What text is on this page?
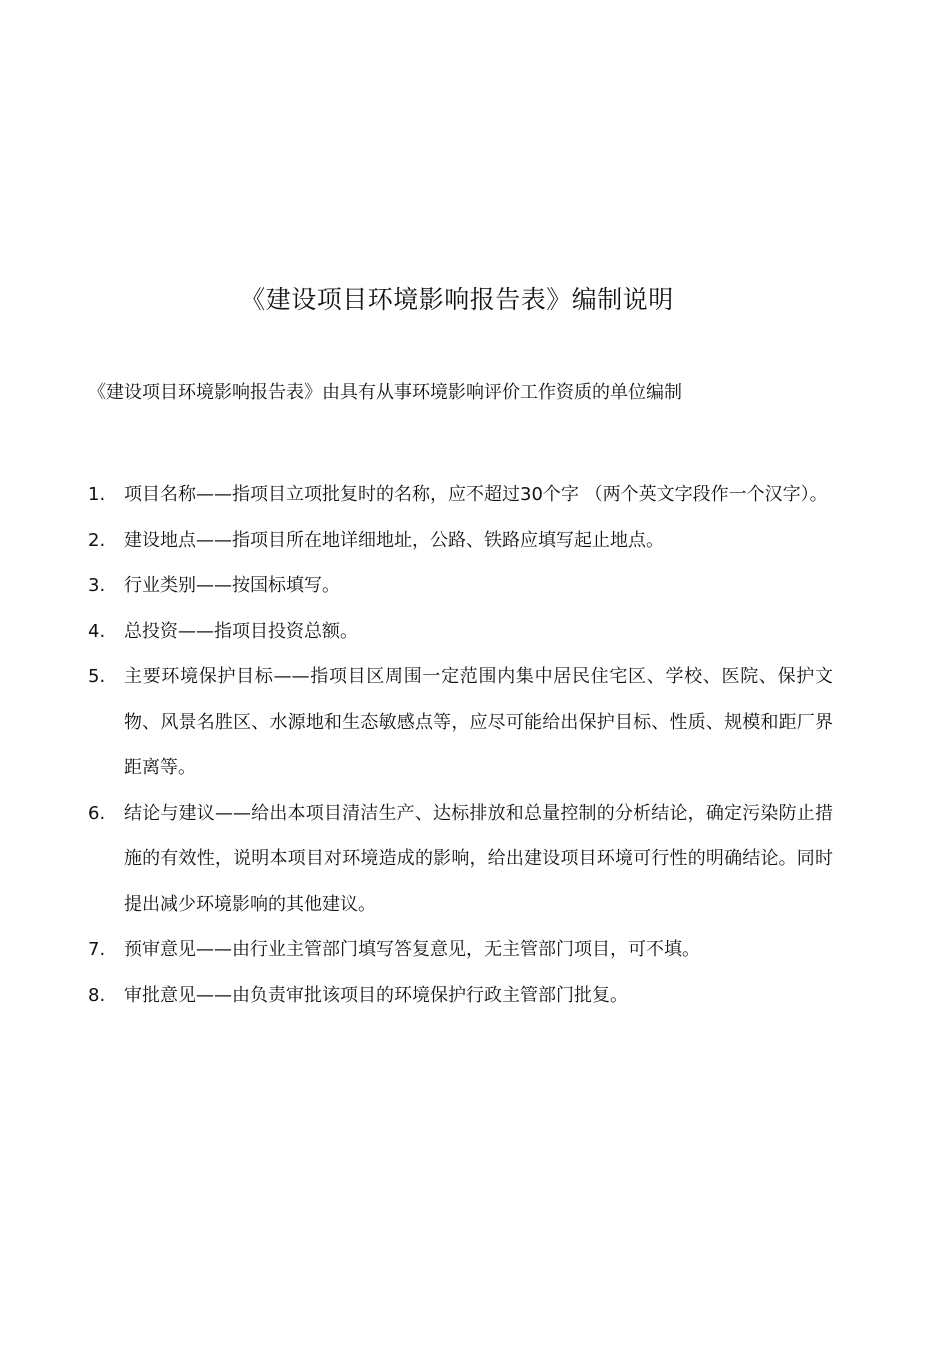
《建设项目环境影响报告表》编制说明

《建设项目环境影响报告表》由具有从事环境影响评价工作资质的单位编制

1.	项目名称——指项目立项批复时的名称，应不超过30个字 （两个英文字段作一个汉字）。
2.	建设地点——指项目所在地详细地址，公路、铁路应填写起止地点。
3.	行业类别——按国标填写。
4.	总投资——指项目投资总额。
5.	主要环境保护目标——指项目区周围一定范围内集中居民住宅区、学校、医院、保护文物、风景名胜区、水源地和生态敏感点等，应尽可能给出保护目标、性质、规模和距厂界距离等。
6.	结论与建议——给出本项目清洁生产、达标排放和总量控制的分析结论，确定污染防止措施的有效性，说明本项目对环境造成的影响，给出建设项目环境可行性的明确结论。同时提出减少环境影响的其他建议。
7.	预审意见——由行业主管部门填写答复意见，无主管部门项目，可不填。
8.	审批意见——由负责审批该项目的环境保护行政主管部门批复。
